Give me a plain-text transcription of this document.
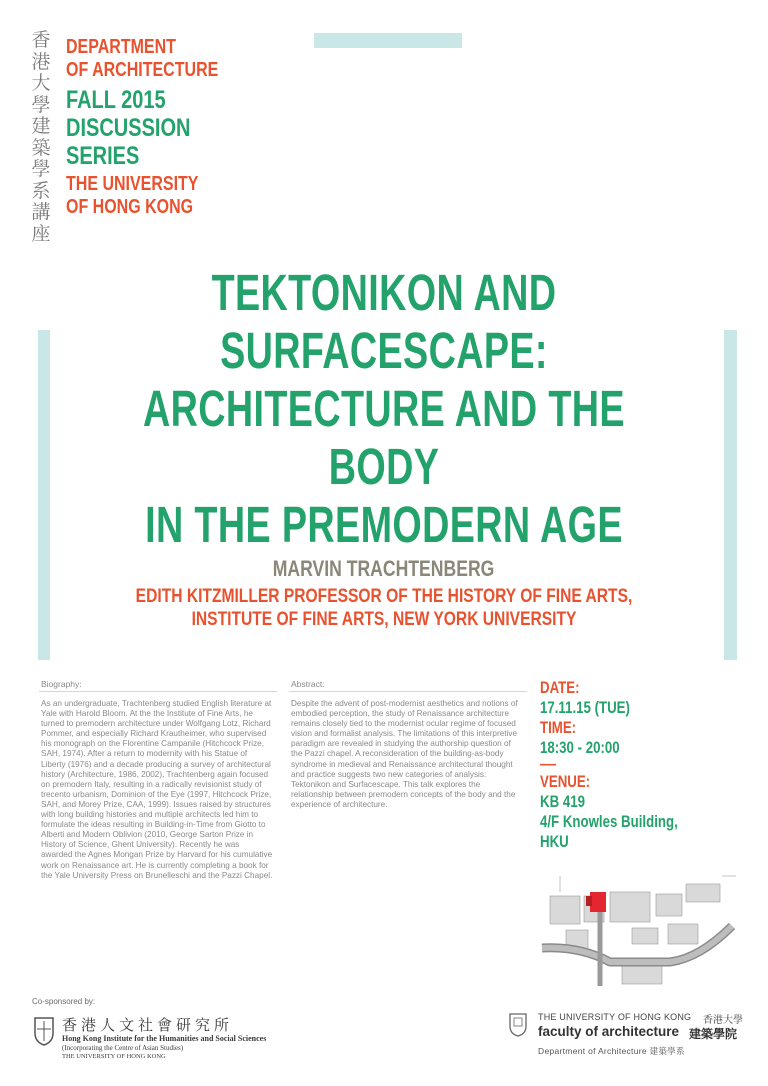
香
港
大
學
建
築
學
系
講
座
DEPARTMENT
OF ARCHITECTURE
FALL 2015
DISCUSSION
SERIES
THE UNIVERSITY
OF HONG KONG
TEKTONIKON AND
SURFACESCAPE:
ARCHITECTURE AND THE BODY
IN THE PREMODERN AGE
MARVIN TRACHTENBERG
EDITH KITZMILLER PROFESSOR OF THE HISTORY OF FINE ARTS,
INSTITUTE OF FINE ARTS, NEW YORK UNIVERSITY
Biography:
As an undergraduate, Trachtenberg studied English literature at Yale with Harold Bloom. At the the Institute of Fine Arts, he turned to premodern architecture under Wolfgang Lotz, Richard Pommer, and especially Richard Krautheimer, who supervised his monograph on the Florentine Campanile (Hitchcock Prize, SAH, 1974). After a return to modernity with his Statue of Liberty (1976) and a decade producing a survey of architectural history (Architecture, 1986, 2002), Trachtenberg again focused on premodern Italy, resulting in a radically revisionist study of trecento urbanism, Dominion of the Eye (1997, Hitchcock Prize, SAH, and Morey Prize, CAA, 1999). Issues raised by structures with long building histories and multiple architects led him to formulate the ideas resulting in Building-in-Time from Giotto to Alberti and Modern Oblivion (2010, George Sarton Prize in History of Science, Ghent University). Recently he was awarded the Agnes Mongan Prize by Harvard for his cumulative work on Renaissance art. He is currently completing a book for the Yale University Press on Brunelleschi and the Pazzi Chapel.
Abstract:
Despite the advent of post-modernist aesthetics and notions of embodied perception, the study of Renaissance architecture remains closely tied to the modernist ocular regime of focused vision and formalist analysis. The limitations of this interpretive paradigm are revealed in studying the authorship question of the Pazzi chapel. A reconsideration of the building-as-body syndrome in medieval and Renaissance architectural thought and practice suggests two new categories of analysis: Tektonikon and Surfacescape. This talk explores the relationship between premodern concepts of the body and the experience of architecture.
DATE:
17.11.15 (TUE)
TIME:
18:30 - 20:00
—
VENUE:
KB 419
4/F Knowles Building,
HKU
Co-sponsored by:
香港人文社會研究所
Hong Kong Institute for the Humanities and Social Sciences
(Incorporating the Centre of Asian Studies)
THE UNIVERSITY OF HONG KONG
THE UNIVERSITY OF HONG KONG 香港大學
faculty of architecture 建築學院
Department of Architecture 建築學系
